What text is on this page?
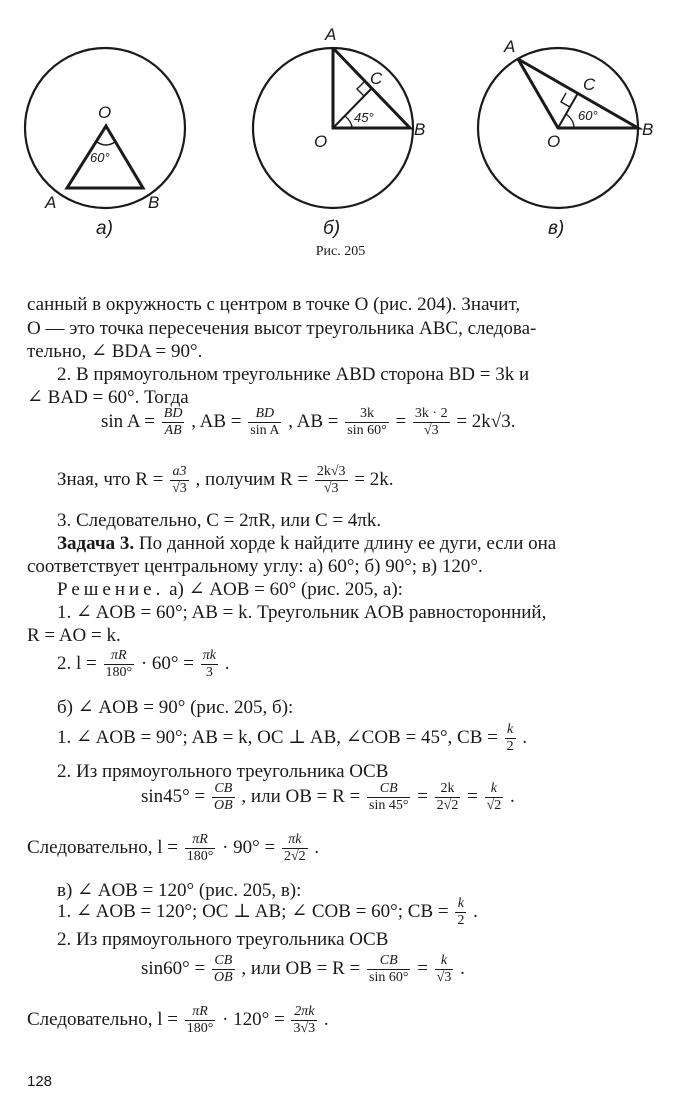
O
60°
A	B
а)
A
C
45°
O
B
б)
A
C
60°
O
B
в)
Рис. 205
санный в окружность с центром в точке O (рис. 204). Значит,
O — это точка пересечения высот треугольника ABC, следова-
тельно, ∠ BDA = 90°.
2. В прямоугольном треугольнике ABD сторона BD = 3k и
∠ BAD = 60°. Тогда
$\sin A = \frac{BD}{AB}$ , AB = $\frac{BD}{\text{sin A}}$ , AB = $\frac{3k}{\sin 60^\circ} = \frac{3k \cdot 2}{√3} = 2k√3$.
Зная, что $R = \frac{a3}{√3}$ , получим $R = \frac{2k√3}{√3} = 2k$.
3. Следовательно, C = 2πR, или C = 4πk.
Задача 3. По данной хорде k найдите длину ее дуги, если она
соответствует центральному углу: а) 60°; б) 90°; в) 120°.
Решение. а) ∠ AOB = 60° (рис. 205, а):
1. ∠ AOB = 60°; AB = k. Треугольник AOB равносторонний,
R = AO = k.
2. $l = \frac{\pi R}{180^\circ} \cdot 60^\circ = \frac{\pi k}{3}$ .
б) ∠ AOB = 90° (рис. 205, б):
1. ∠ AOB = 90°; AB = k, OC ⊥ AB, ∠COB = 45°, CB = $\frac{k}{2}$ .
2. Из прямоугольного треугольника OCB
$\sin 45^\circ = \frac{CB}{OB}$ , или OB = $R = \frac{CB}{\sin 45^\circ} = \frac{2k}{2√2} = \frac{k}{√2}$ .
Следовательно, $l = \frac{\pi R}{180^\circ} \cdot 90^\circ = \frac{\pi k}{2√2}$ .
в) ∠ AOB = 120° (рис. 205, в):
1. ∠ AOB = 120°; OC ⊥ AB; ∠ COB = 60°; CB = $\frac{k}{2}$ .
2. Из прямоугольного треугольника OCB
$\sin 60^\circ = \frac{CB}{OB}$ , или OB = $R = \frac{CB}{\sin 60^\circ} = \frac{k}{√3}$ .
Следовательно, $l = \frac{\pi R}{180^\circ} \cdot 120^\circ = \frac{2\pi k}{3√3}$ .
128
